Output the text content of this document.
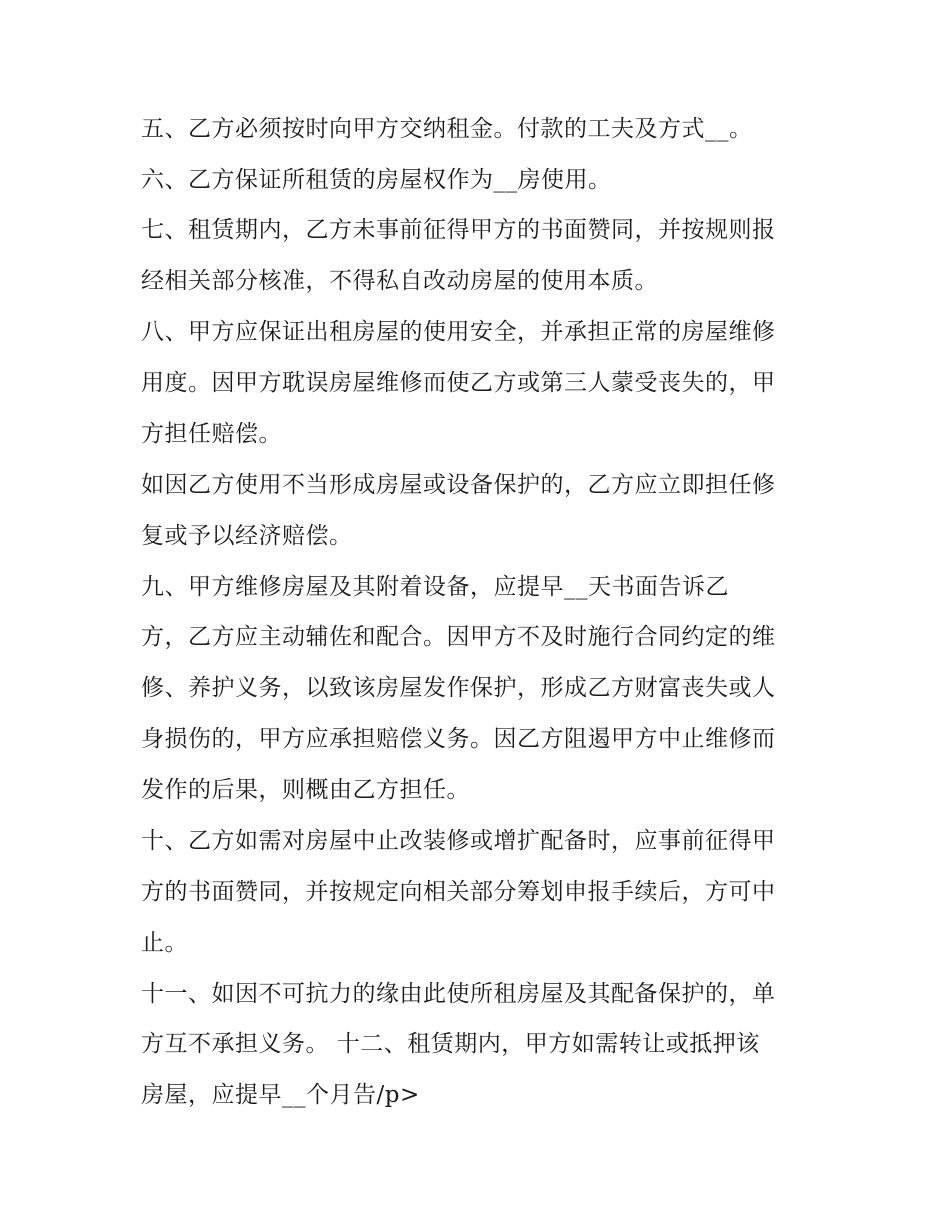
五、乙方必须按时向甲方交纳租金。付款的工夫及方式__。

六、乙方保证所租赁的房屋权作为__房使用。

七、租赁期内，乙方未事前征得甲方的书面赞同，并按规则报

经相关部分核准，不得私自改动房屋的使用本质。

八、甲方应保证出租房屋的使用安全，并承担正常的房屋维修

用度。因甲方耽误房屋维修而使乙方或第三人蒙受丧失的，甲

方担任赔偿。

如因乙方使用不当形成房屋或设备保护的，乙方应立即担任修

复或予以经济赔偿。

九、甲方维修房屋及其附着设备，应提早__天书面告诉乙

方，乙方应主动辅佐和配合。因甲方不及时施行合同约定的维

修、养护义务，以致该房屋发作保护，形成乙方财富丧失或人

身损伤的，甲方应承担赔偿义务。因乙方阻遏甲方中止维修而

发作的后果，则概由乙方担任。

十、乙方如需对房屋中止改装修或增扩配备时，应事前征得甲

方的书面赞同，并按规定向相关部分筹划申报手续后，方可中

止。

十一、如因不可抗力的缘由此使所租房屋及其配备保护的，单

方互不承担义务。 十二、租赁期内，甲方如需转让或抵押该

房屋，应提早__个月告/p>
